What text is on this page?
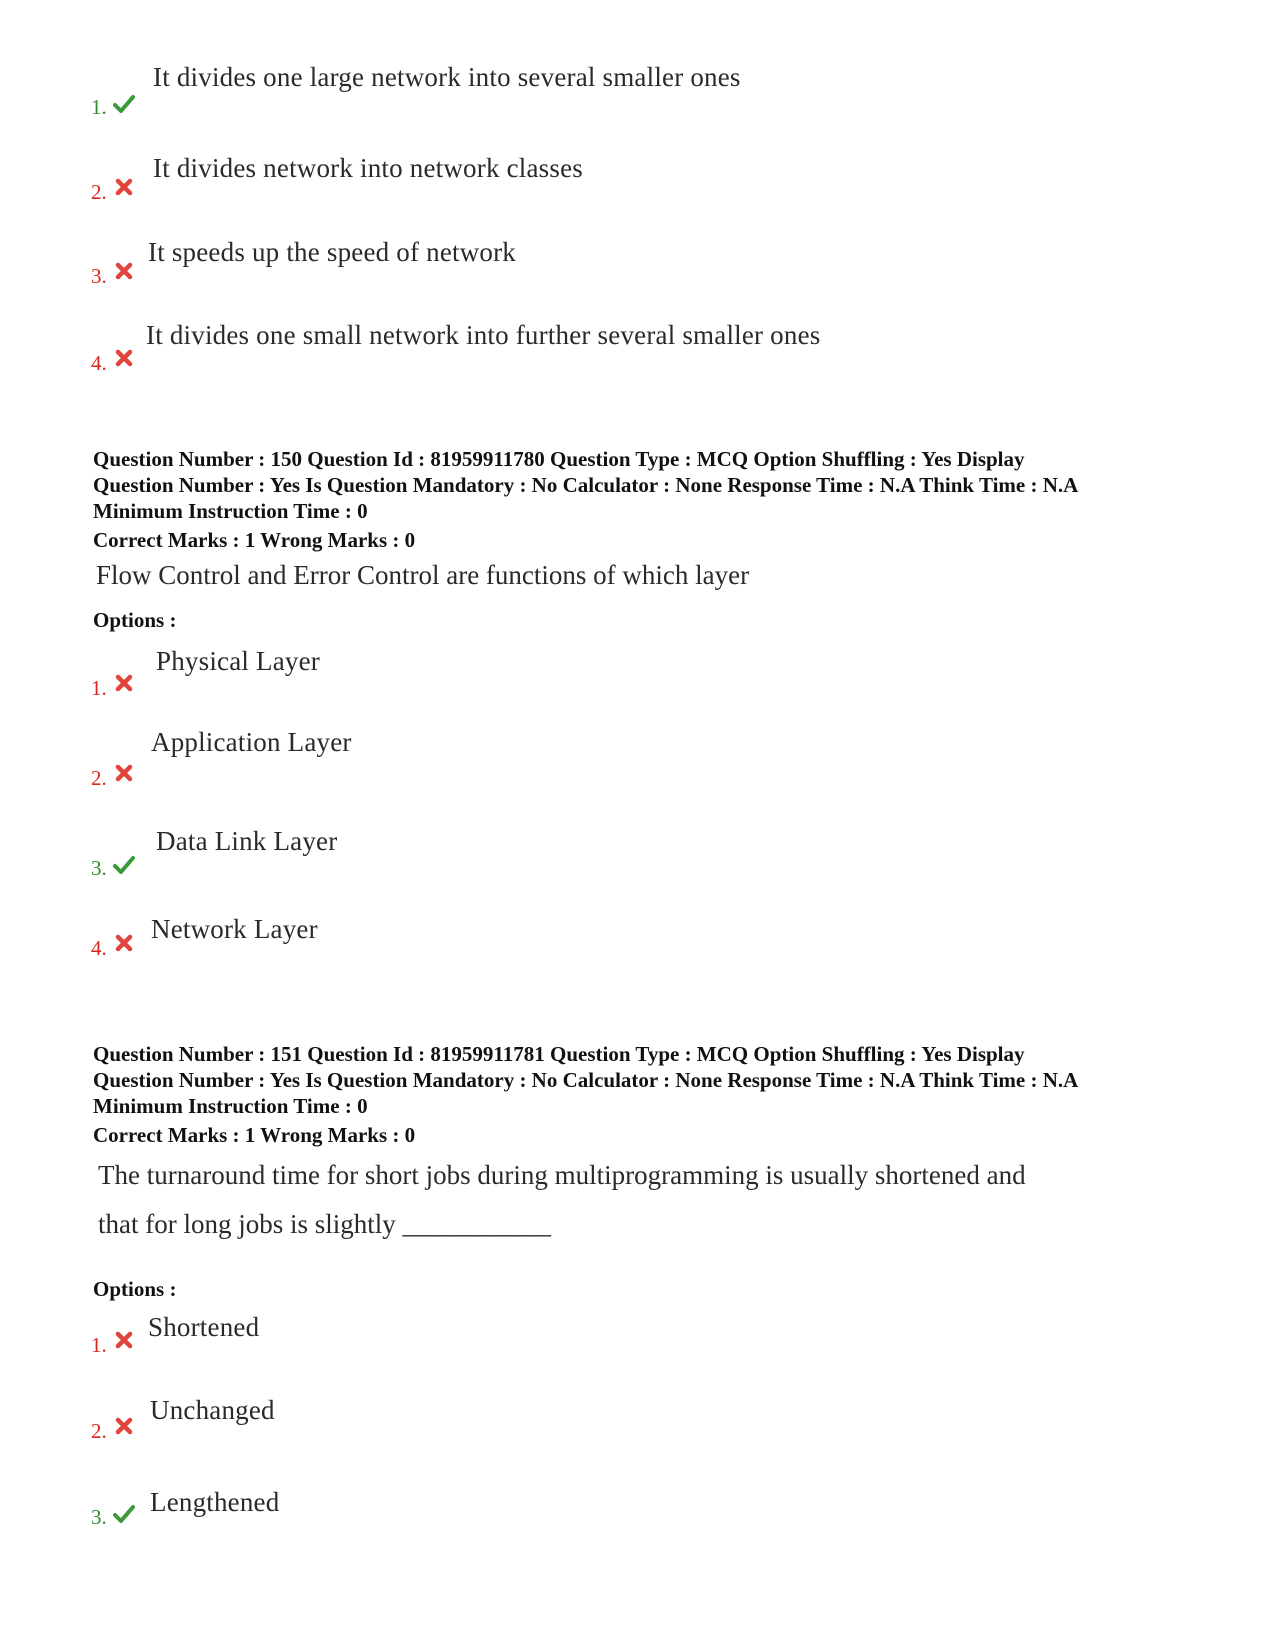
1.
It divides one large network into several smaller ones
2.
It divides network into network classes
3.
It speeds up the speed of network
4.
It divides one small network into further several smaller ones
Question Number : 150 Question Id : 81959911780 Question Type : MCQ Option Shuffling : Yes Display
Question Number : Yes Is Question Mandatory : No Calculator : None Response Time : N.A Think Time : N.A
Minimum Instruction Time : 0
Correct Marks : 1 Wrong Marks : 0
Flow Control and Error Control are functions of which layer
Options :
1.
Physical Layer
2.
Application Layer
3.
Data Link Layer
4.
Network Layer
Question Number : 151 Question Id : 81959911781 Question Type : MCQ Option Shuffling : Yes Display
Question Number : Yes Is Question Mandatory : No Calculator : None Response Time : N.A Think Time : N.A
Minimum Instruction Time : 0
Correct Marks : 1 Wrong Marks : 0
The turnaround time for short jobs during multiprogramming is usually shortened and
that for long jobs is slightly ___________
Options :
1.
Shortened
2.
Unchanged
3. Lengthened
